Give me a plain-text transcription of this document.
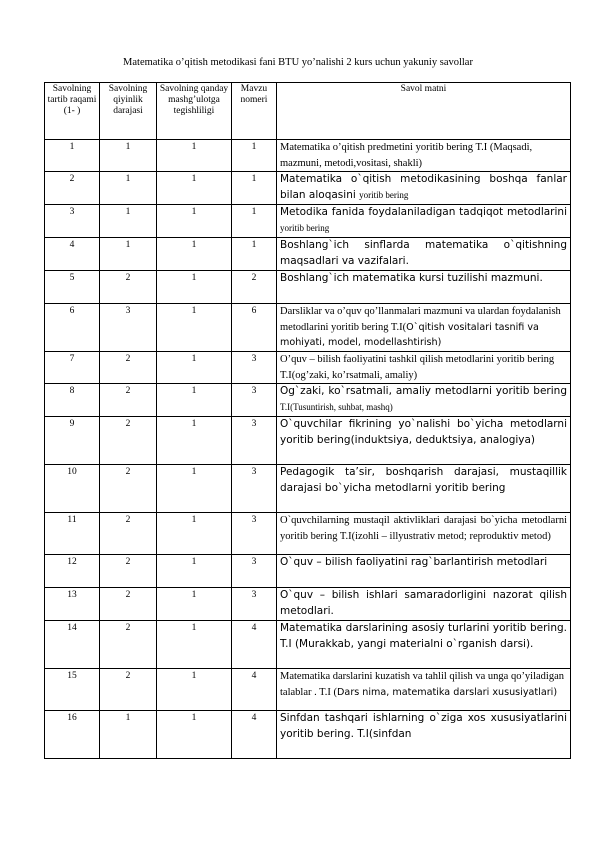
Matematika o’qitish metodikasi fani BTU yo’nalishi 2 kurs uchun yakuniy savollar
Savolning tartib raqami (1- )	Savolning qiyinlik darajasi	Savolning qanday mashg’ulotga tegishliligi	Mavzu nomeri	Savol matni
1	1	1	1	Matematika o’qitish predmetini yoritib bering T.I (Maqsadi, mazmuni, metodi,vositasi, shakli)
2	1	1	1	Matematika o`qitish metodikasining boshqa fanlar bilan aloqasini yoritib bering
3	1	1	1	Metodika fanida foydalaniladigan tadqiqot metodlarini yoritib bering
4	1	1	1	Boshlang`ich sinflarda matematika o`qitishning maqsadlari va vazifalari.
5	2	1	2	Boshlang`ich matematika kursi tuzilishi mazmuni.
6	3	1	6	Darsliklar va o’quv qo’llanmalari mazmuni va ulardan foydalanish metodlarini yoritib bering T.I(O`qitish vositalari tasnifi va mohiyati, model, modellashtirish)
7	2	1	3	O’quv – bilish faoliyatini tashkil qilish metodlarini yoritib bering T.I(og’zaki, ko’rsatmali, amaliy)
8	2	1	3	Og`zaki, ko`rsatmali, amaliy metodlarni yoritib bering T.I(Tusuntirish, suhbat, mashq)
9	2	1	3	O`quvchilar fikrining yo`nalishi bo`yicha metodlarni yoritib bering(induktsiya, deduktsiya, analogiya)
10	2	1	3	Pedagogik ta’sir, boshqarish darajasi, mustaqillik darajasi bo`yicha metodlarni yoritib bering
11	2	1	3	O`quvchilarning mustaqil aktivliklari darajasi bo`yicha metodlarni yoritib bering T.I(izohli – illyustrativ metod; reproduktiv metod)
12	2	1	3	O`quv – bilish faoliyatini rag`barlantirish metodlari
13	2	1	3	O`quv – bilish ishlari samaradorligini nazorat qilish metodlari.
14	2	1	4	Matematika darslarining asosiy turlarini yoritib bering. T.I (Murakkab, yangi materialni o`rganish darsi).
15	2	1	4	Matematika darslarini kuzatish va tahlil qilish va unga qo’yiladigan talablar . T.I (Dars nima, matematika darslari xususiyatlari)
16	1	1	4	Sinfdan tashqari ishlarning o`ziga xos xususiyatlarini yoritib bering. T.I(sinfdan
